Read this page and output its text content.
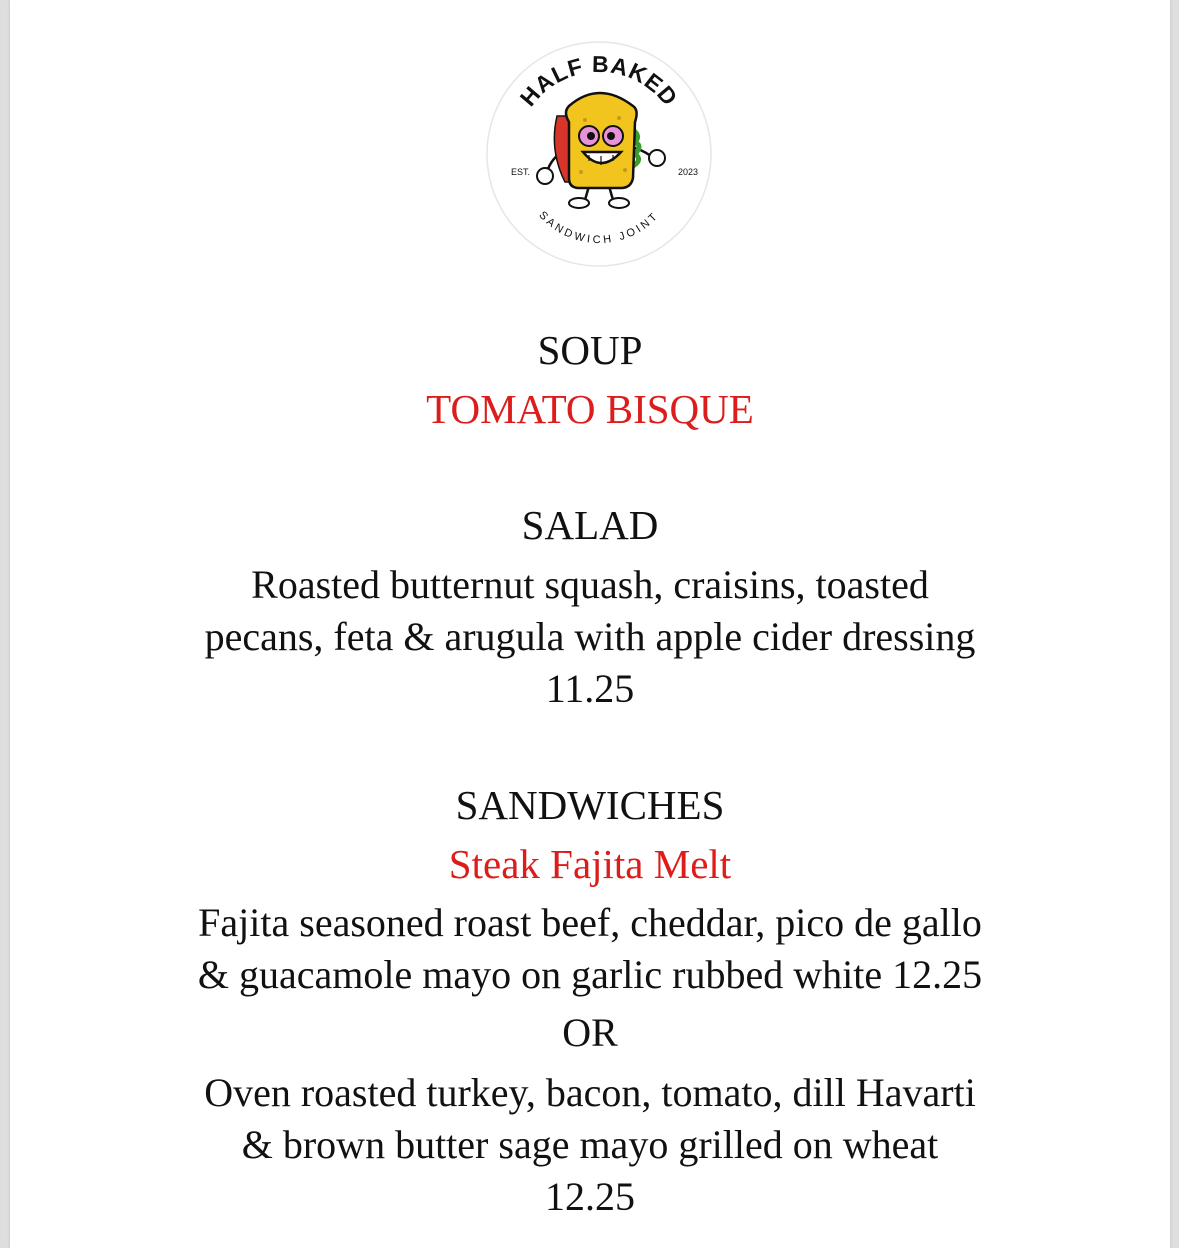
HALF BAKED
SANDWICH JOINT
EST.	2023
SOUP
TOMATO BISQUE
SALAD
Roasted butternut squash, craisins, toasted
pecans, feta & arugula with apple cider dressing
11.25
SANDWICHES
Steak Fajita Melt
Fajita seasoned roast beef, cheddar, pico de gallo
& guacamole mayo on garlic rubbed white 12.25
OR
Oven roasted turkey, bacon, tomato, dill Havarti
& brown butter sage mayo grilled on wheat
12.25
